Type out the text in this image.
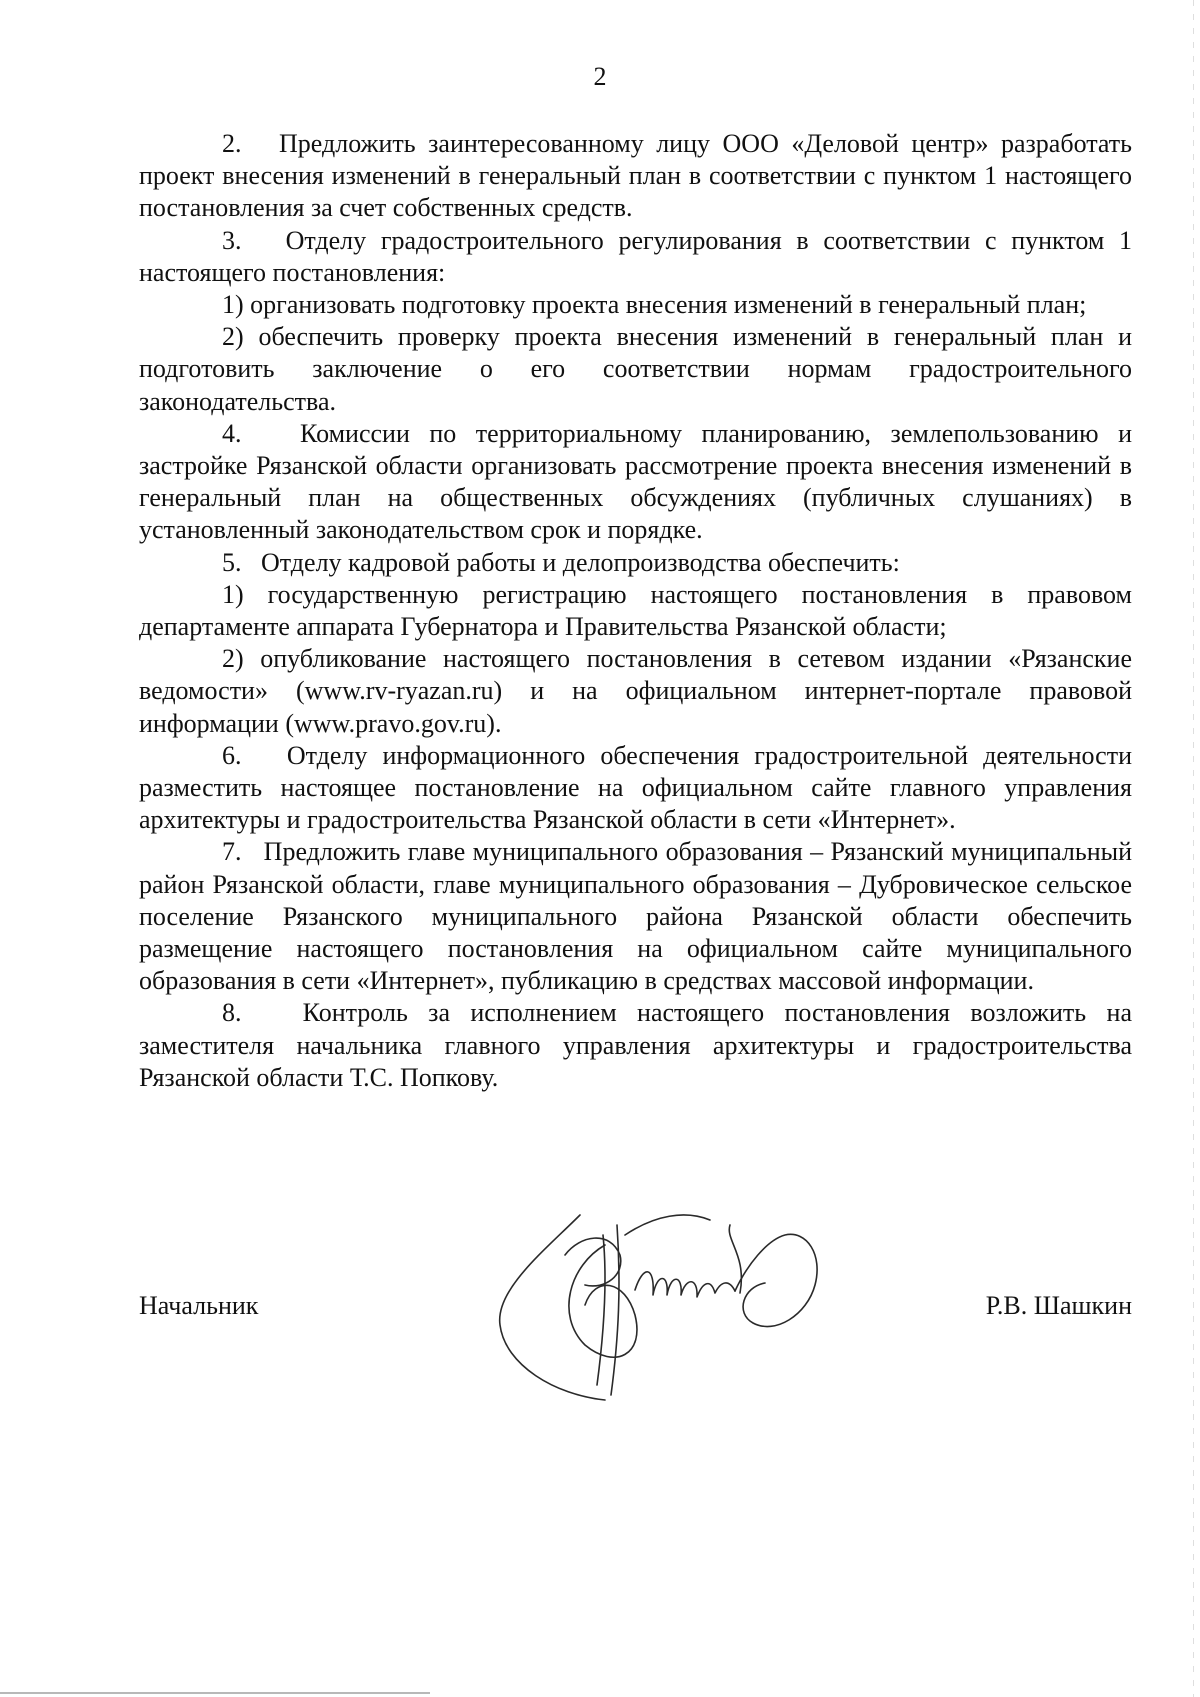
2

2.   Предложить заинтересованному лицу ООО «Деловой центр» разработать проект внесения изменений в генеральный план в соответствии с пунктом 1 настоящего постановления за счет собственных средств.

3.   Отделу градостроительного регулирования в соответствии с пунктом 1 настоящего постановления:

1) организовать подготовку проекта внесения изменений в генеральный план;

2) обеспечить проверку проекта внесения изменений в генеральный план и подготовить заключение о его соответствии нормам градостроительного законодательства.

4.   Комиссии по территориальному планированию, землепользованию и застройке Рязанской области организовать рассмотрение проекта внесения изменений в генеральный план на общественных обсуждениях (публичных слушаниях) в установленный законодательством срок и порядке.

5.   Отделу кадровой работы и делопроизводства обеспечить:

1) государственную регистрацию настоящего постановления в правовом департаменте аппарата Губернатора и Правительства Рязанской области;

2) опубликование настоящего постановления в сетевом издании «Рязанские ведомости» (www.rv-ryazan.ru) и на официальном интернет-портале правовой информации (www.pravo.gov.ru).

6.   Отделу информационного обеспечения градостроительной деятельности разместить настоящее постановление на официальном сайте главного управления архитектуры и градостроительства Рязанской области в сети «Интернет».

7.   Предложить главе муниципального образования – Рязанский муниципальный район Рязанской области, главе муниципального образования – Дубровическое сельское поселение Рязанского муниципального района Рязанской области обеспечить размещение настоящего постановления на официальном сайте муниципального образования в сети «Интернет», публикацию в средствах массовой информации.

8.   Контроль за исполнением настоящего постановления возложить на заместителя начальника главного управления архитектуры и градостроительства Рязанской области Т.С. Попкову.

Начальник	Р.В. Шашкин
